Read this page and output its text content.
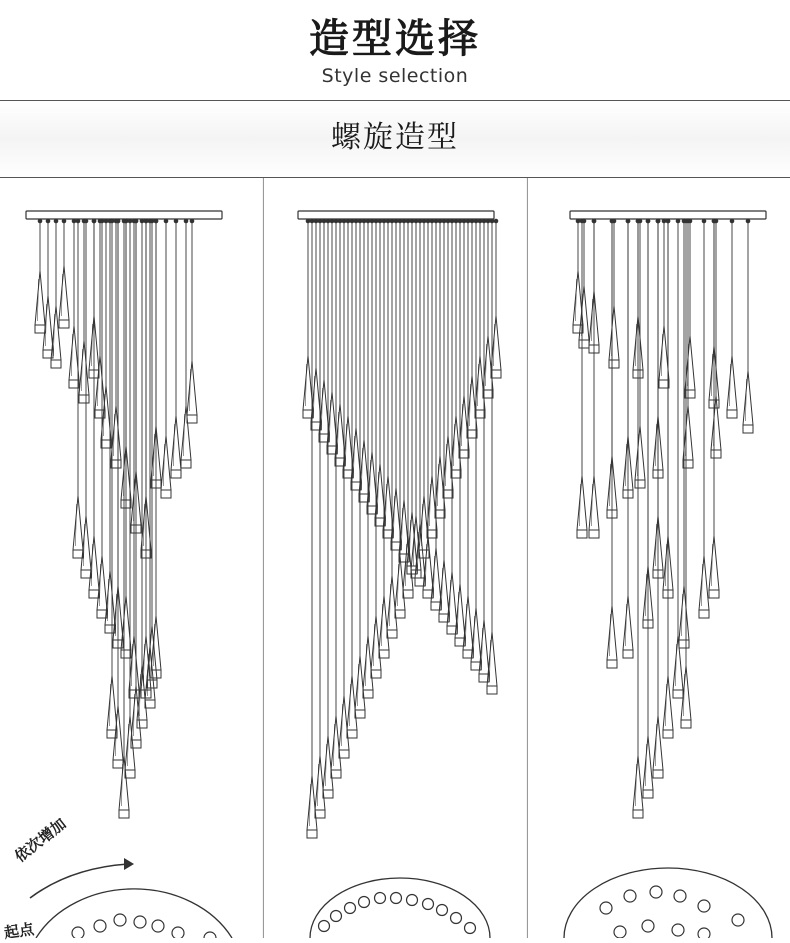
造型选择
Style selection
螺旋造型
依次增加
起点
